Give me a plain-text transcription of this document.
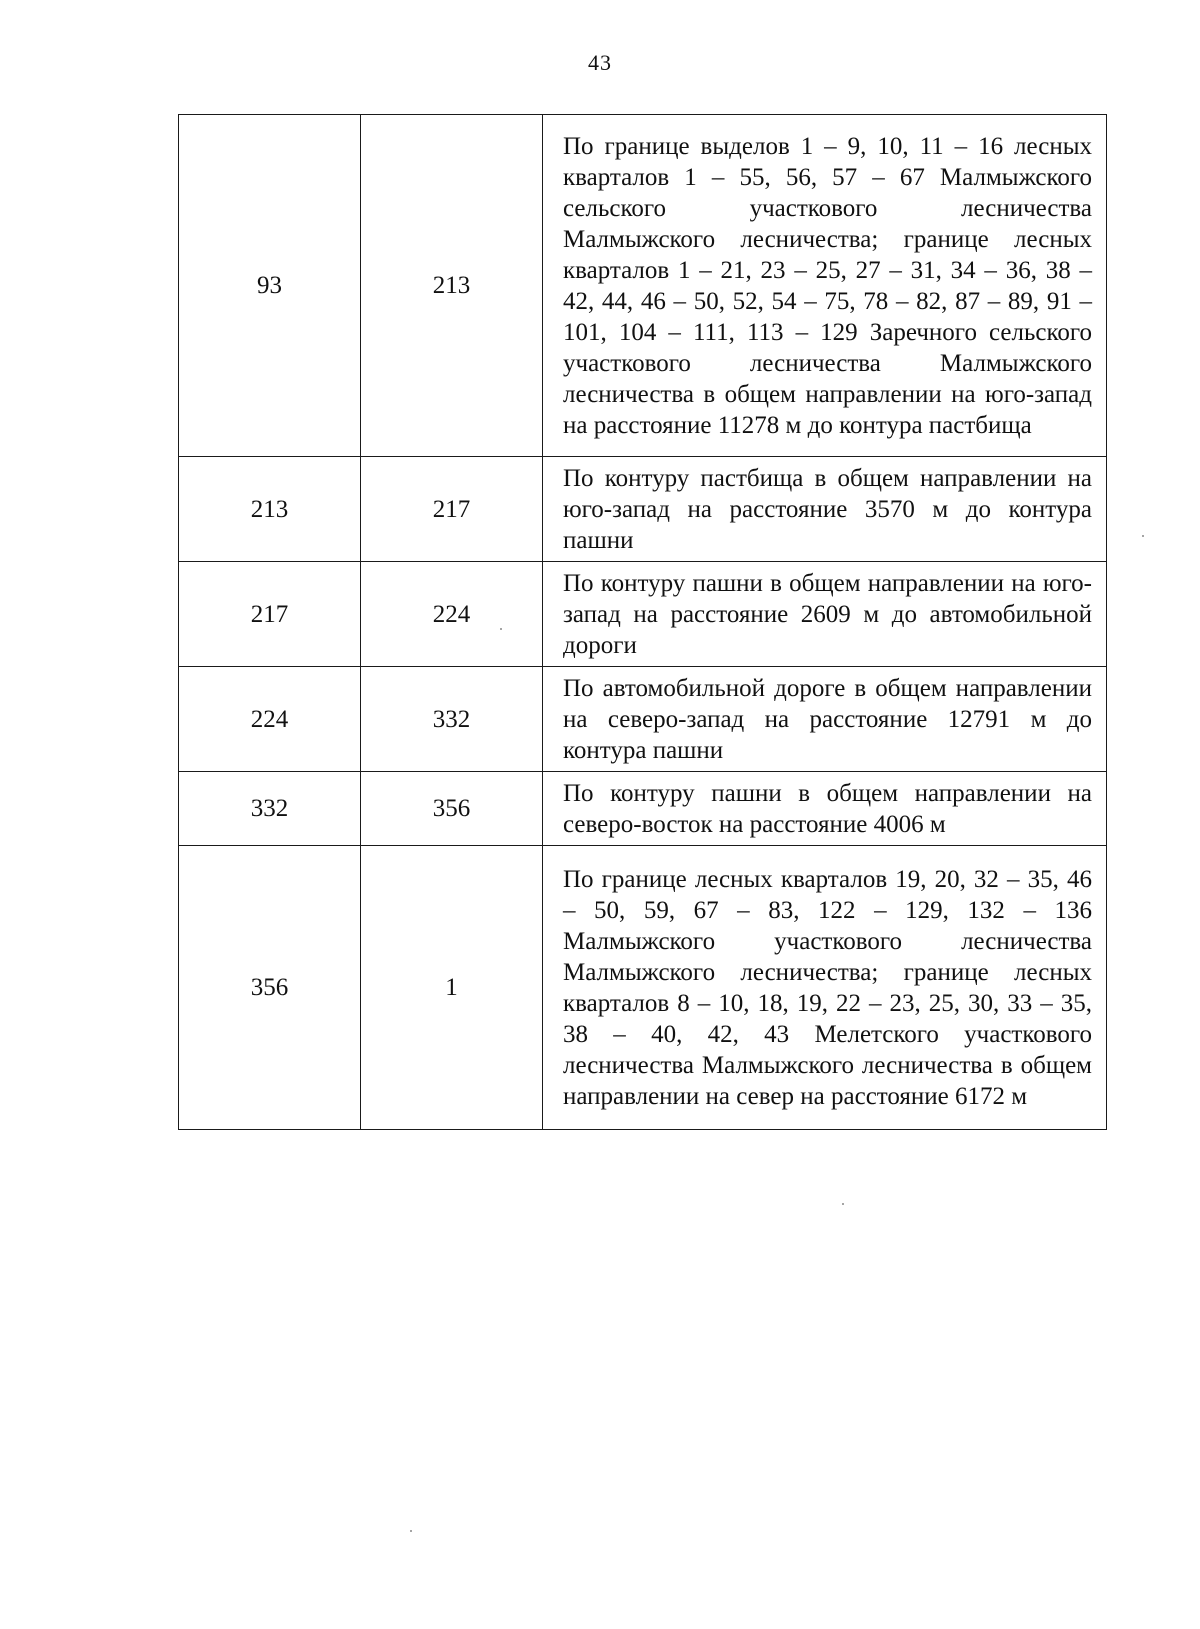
43
93	213	По границе выделов 1 – 9, 10, 11 – 16 лесных кварталов 1 – 55, 56, 57 – 67 Малмыжского сельского участкового лесничества Малмыжского лесничества; границе лесных кварталов 1 – 21, 23 – 25, 27 – 31, 34 – 36, 38 – 42, 44, 46 – 50, 52, 54 – 75, 78 – 82, 87 – 89, 91 – 101, 104 – 111, 113 – 129 Заречного сельского участкового лесничества Малмыжского лесничества в общем направлении на юго-запад на расстояние 11278 м до контура пастбища
213	217	По контуру пастбища в общем направлении на юго-запад на расстояние 3570 м до контура пашни
217	224	По контуру пашни в общем направлении на юго-запад на расстояние 2609 м до автомобильной дороги
224	332	По автомобильной дороге в общем направлении на северо-запад на расстояние 12791 м до контура пашни
332	356	По контуру пашни в общем направлении на северо-восток на расстояние 4006 м
356	1	По границе лесных кварталов 19, 20, 32 – 35, 46 – 50, 59, 67 – 83, 122 – 129, 132 – 136 Малмыжского участкового лесничества Малмыжского лесничества; границе лесных кварталов 8 – 10, 18, 19, 22 – 23, 25, 30, 33 – 35, 38 – 40, 42, 43 Мелетского участкового лесничества Малмыжского лесничества в общем направлении на север на расстояние 6172 м
